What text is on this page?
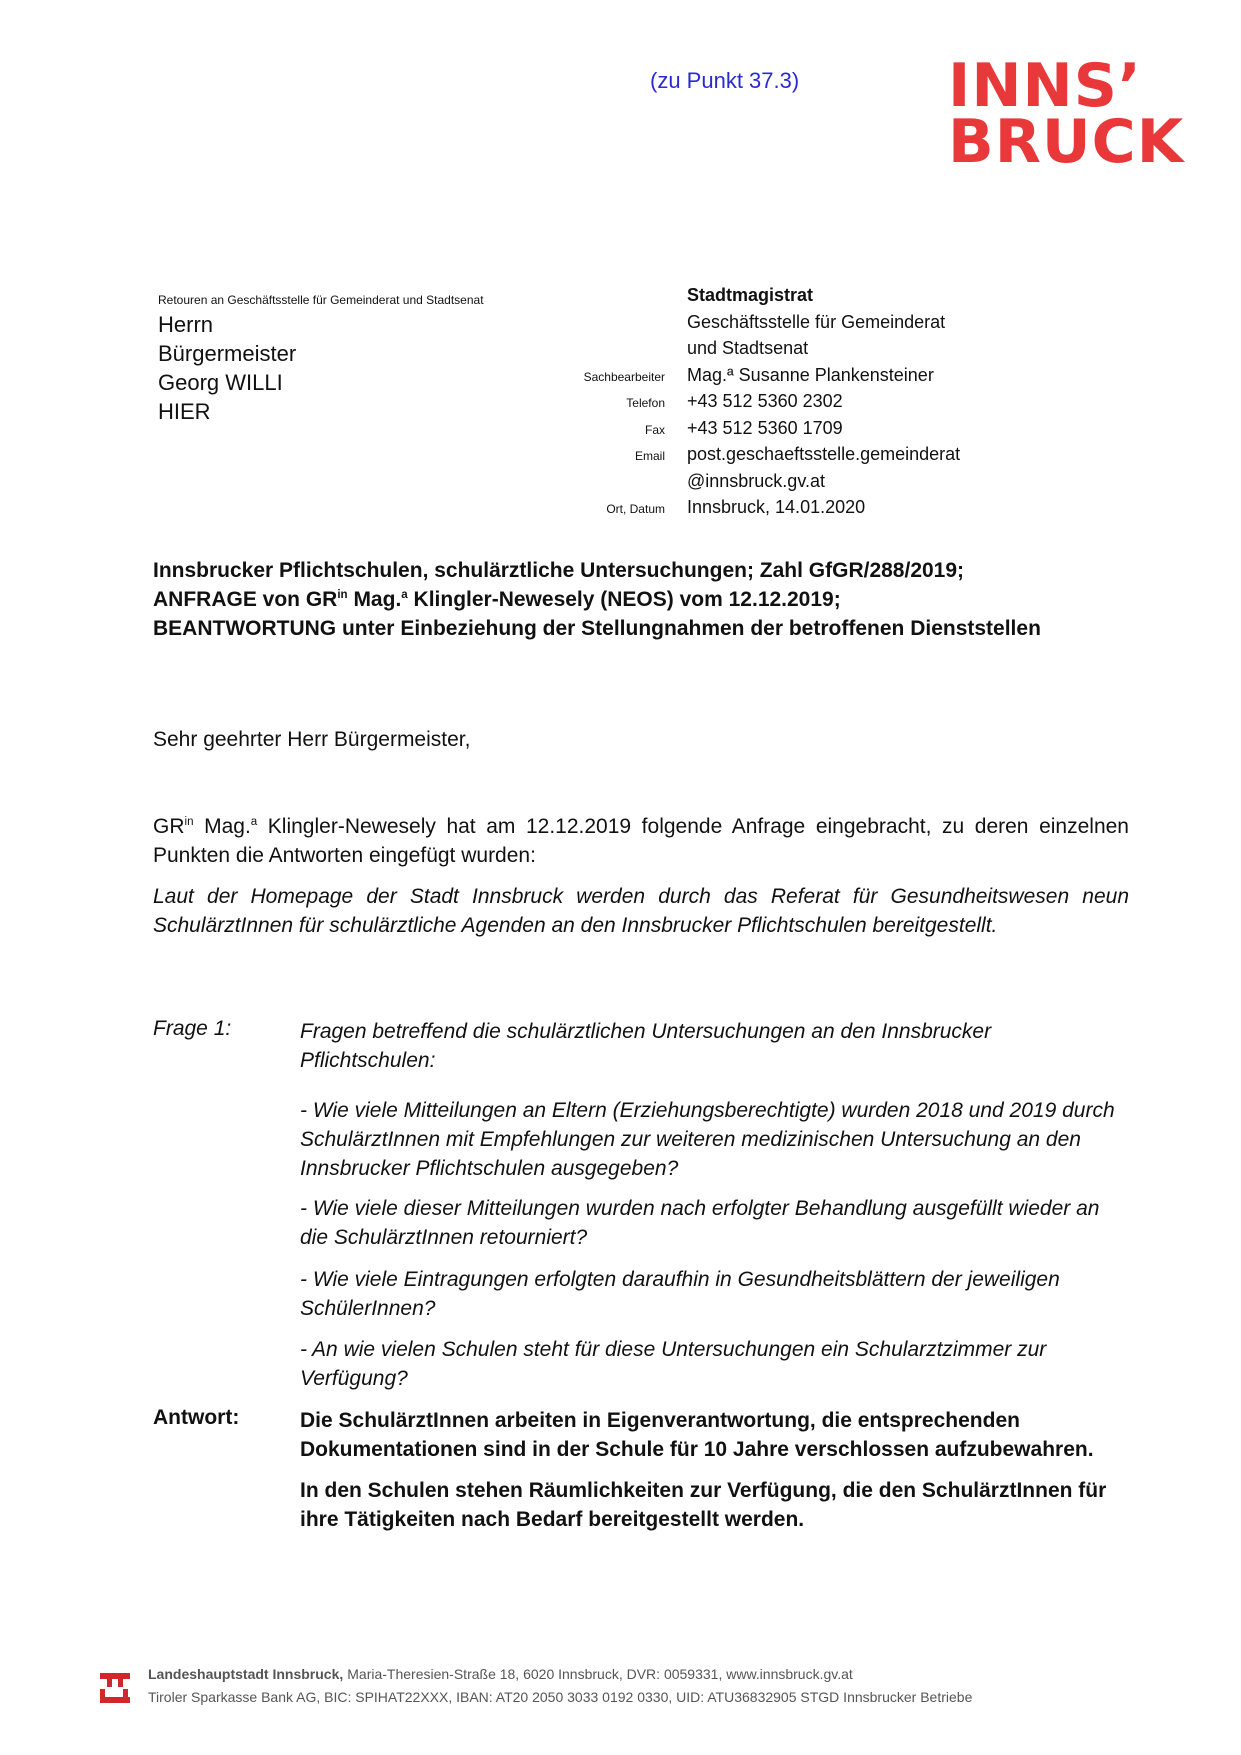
(zu Punkt 37.3) INNS’
BRUCK
Retouren an Geschäftsstelle für Gemeinderat und Stadtsenat
Herrn
Bürgermeister
Georg WILLI
HIER
Stadtmagistrat
Geschäftsstelle für Gemeinderat
und Stadtsenat
Sachbearbeiter	Mag.ª Susanne Plankensteiner
Telefon	+43 512 5360 2302
Fax	+43 512 5360 1709
Email	post.geschaeftsstelle.gemeinderat
@innsbruck.gv.at
Ort, Datum	Innsbruck, 14.01.2020
Innsbrucker Pflichtschulen, schulärztliche Untersuchungen; Zahl GfGR/288/2019;
ANFRAGE von $GR^{in}$ Mag.$^a$ Klingler-Newesely (NEOS) vom 12.12.2019;
BEANTWORTUNG unter Einbeziehung der Stellungnahmen der betroffenen Dienststellen
Sehr geehrter Herr Bürgermeister,
$GR^{in}$ Mag.$^a$ Klingler-Newesely hat am 12.12.2019 folgende Anfrage eingebracht, zu deren einzelnen Punkten die Antworten eingefügt wurden:
Laut der Homepage der Stadt Innsbruck werden durch das Referat für Gesundheitswesen neun SchulärztInnen für schulärztliche Agenden an den Innsbrucker Pflichtschulen bereitgestellt.
Frage 1:	Fragen betreffend die schulärztlichen Untersuchungen an den Innsbrucker Pflichtschulen:
- Wie viele Mitteilungen an Eltern (Erziehungsberechtigte) wurden 2018 und 2019 durch SchulärztInnen mit Empfehlungen zur weiteren medizinischen Untersuchung an den Innsbrucker Pflichtschulen ausgegeben?
- Wie viele dieser Mitteilungen wurden nach erfolgter Behandlung ausgefüllt wieder an die SchulärztInnen retourniert?
- Wie viele Eintragungen erfolgten daraufhin in Gesundheitsblättern der jeweiligen SchülerInnen?
- An wie vielen Schulen steht für diese Untersuchungen ein Schularztzimmer zur Verfügung?
Antwort:	Die SchulärztInnen arbeiten in Eigenverantwortung, die entsprechenden Dokumentationen sind in der Schule für 10 Jahre verschlossen aufzubewahren.
In den Schulen stehen Räumlichkeiten zur Verfügung, die den SchulärztInnen für ihre Tätigkeiten nach Bedarf bereitgestellt werden.
Landeshauptstadt Innsbruck, Maria-Theresien-Straße 18, 6020 Innsbruck, DVR: 0059331, www.innsbruck.gv.at
Tiroler Sparkasse Bank AG, BIC: SPIHAT22XXX, IBAN: AT20 2050 3033 0192 0330, UID: ATU36832905 STGD Innsbrucker Betriebe
